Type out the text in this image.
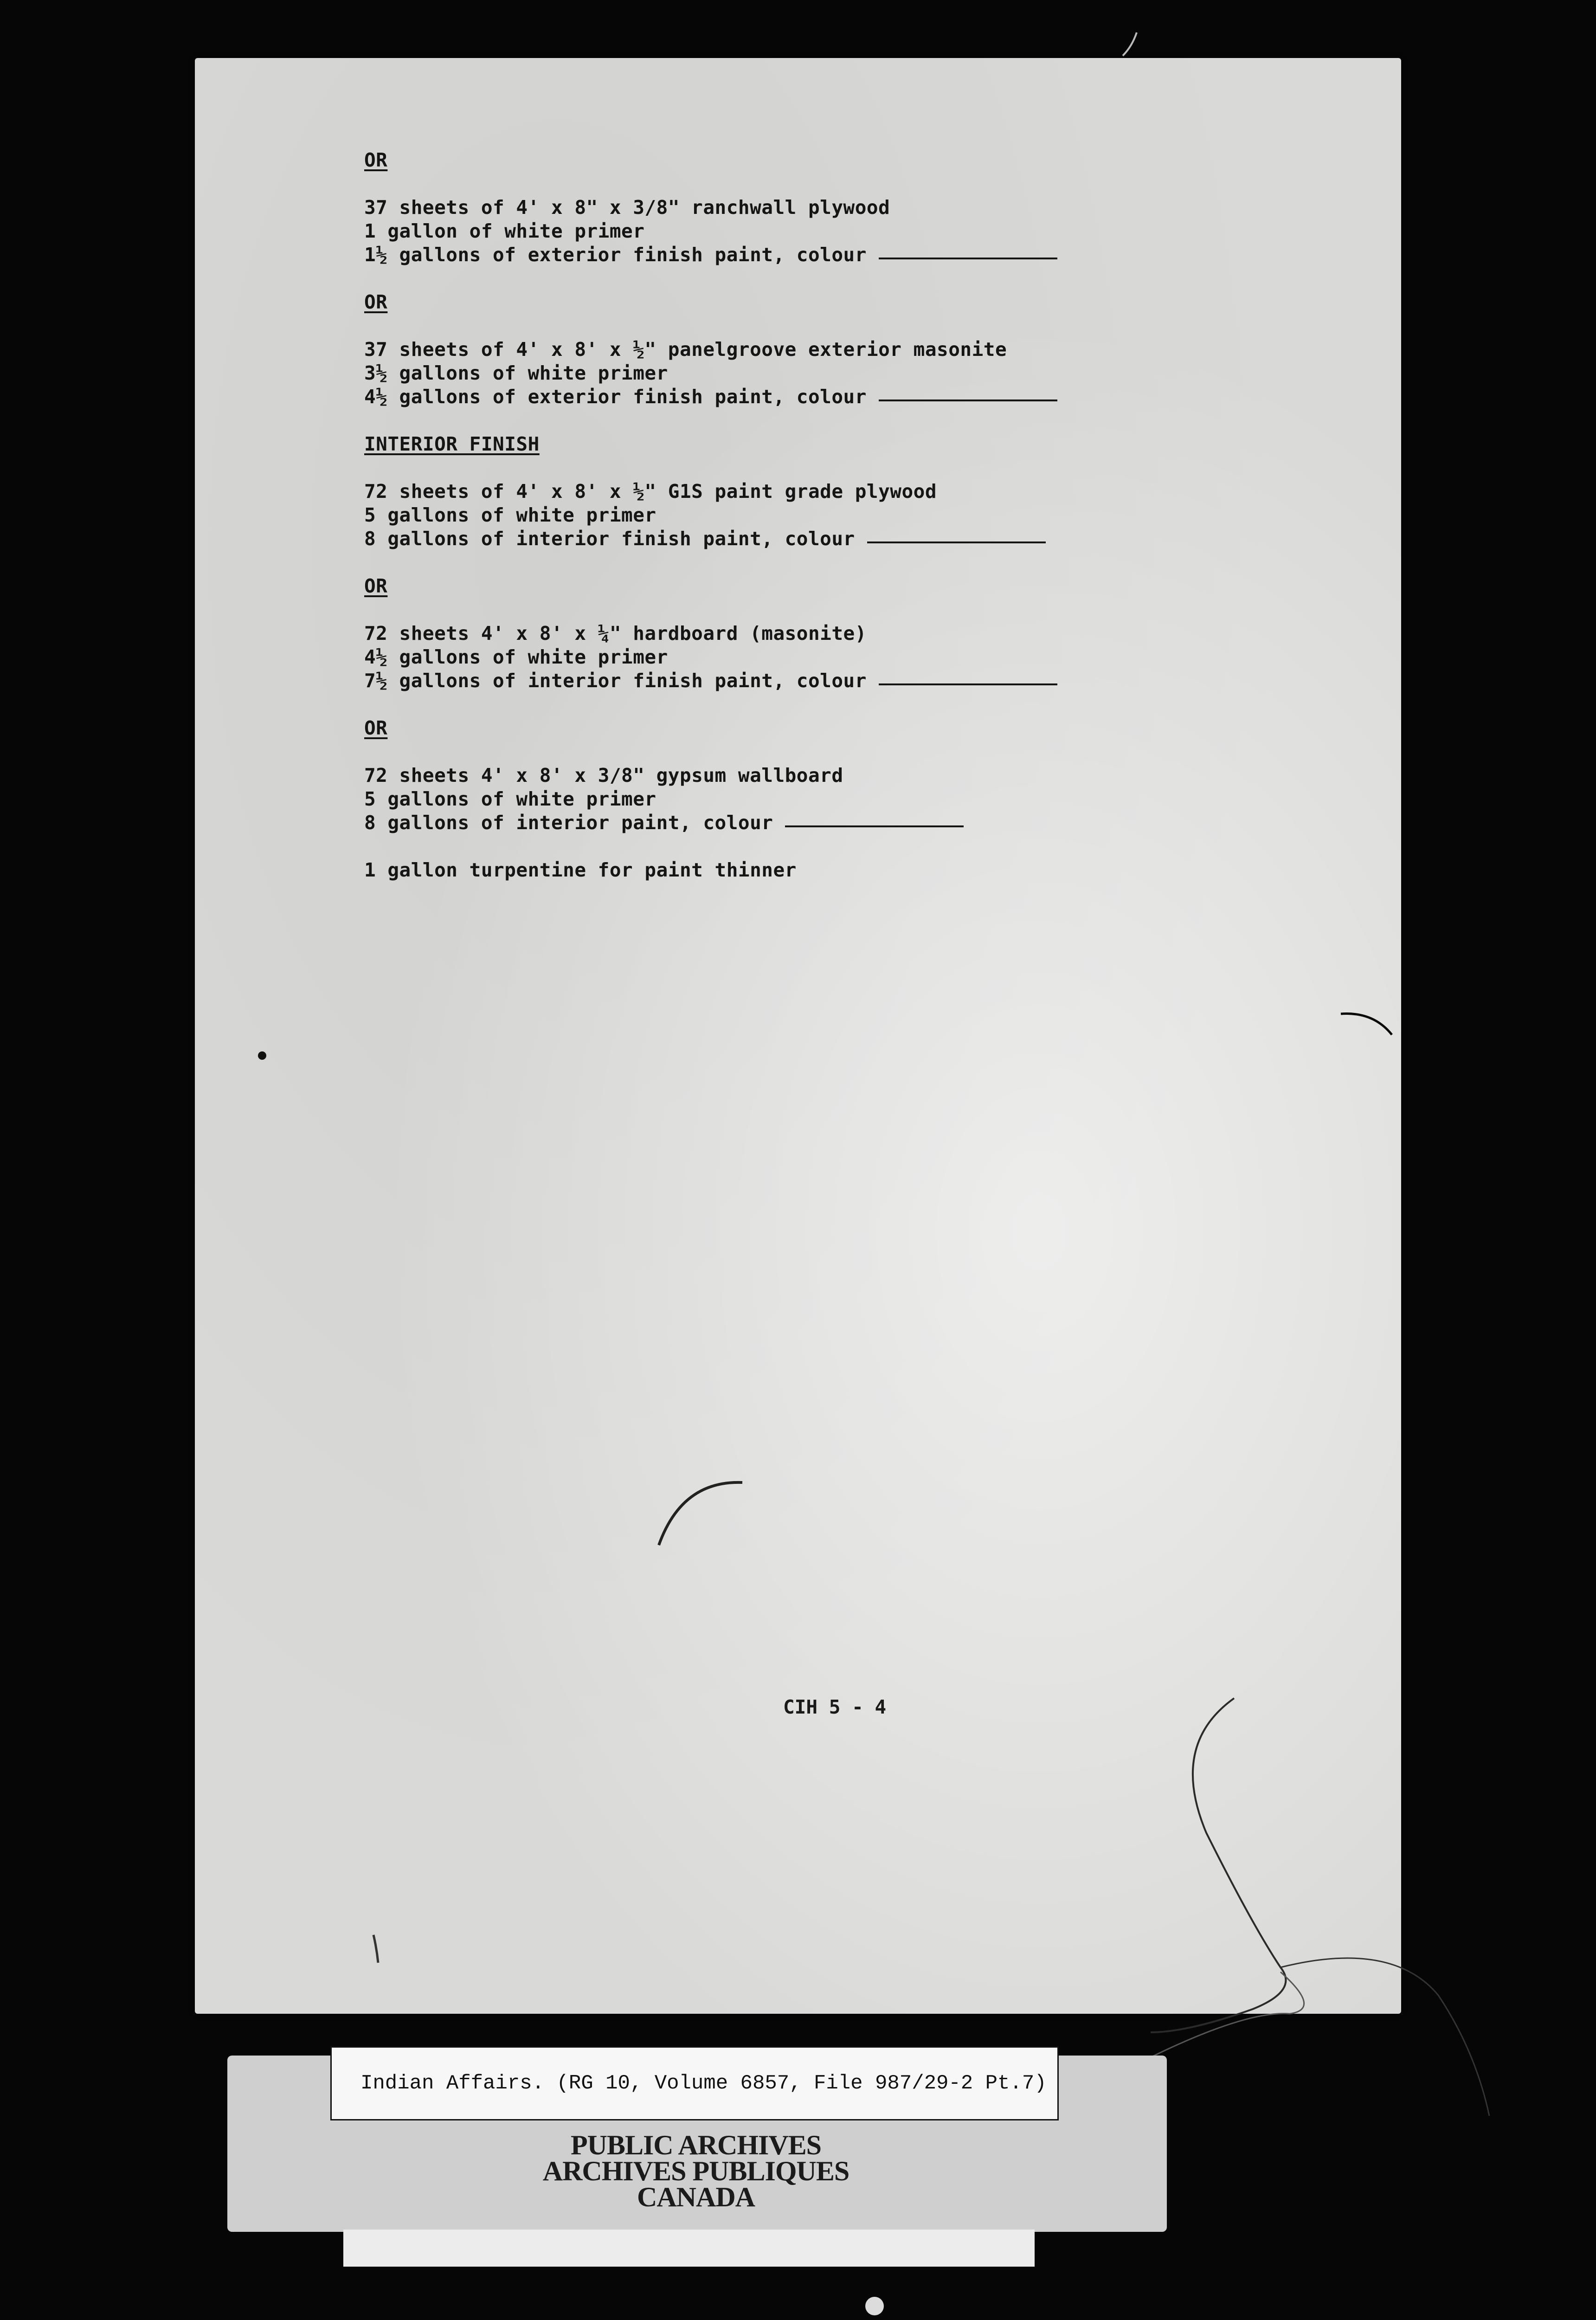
OR
37 sheets of 4' x 8" x 3/8" ranchwall plywood
1 gallon of white primer
1½ gallons of exterior finish paint, colour
OR
37 sheets of 4' x 8' x ½" panelgroove exterior masonite
3½ gallons of white primer
4½ gallons of exterior finish paint, colour
INTERIOR FINISH
72 sheets of 4' x 8' x ½" G1S paint grade plywood
5 gallons of white primer
8 gallons of interior finish paint, colour
OR
72 sheets 4' x 8' x ¼" hardboard (masonite)
4½ gallons of white primer
7½ gallons of interior finish paint, colour
OR
72 sheets 4' x 8' x 3/8" gypsum wallboard
5 gallons of white primer
8 gallons of interior paint, colour
1 gallon turpentine for paint thinner
CIH 5 - 4
Indian Affairs. (RG 10, Volume 6857, File 987/29-2 Pt.7)
PUBLIC ARCHIVES
ARCHIVES PUBLIQUES
CANADA
